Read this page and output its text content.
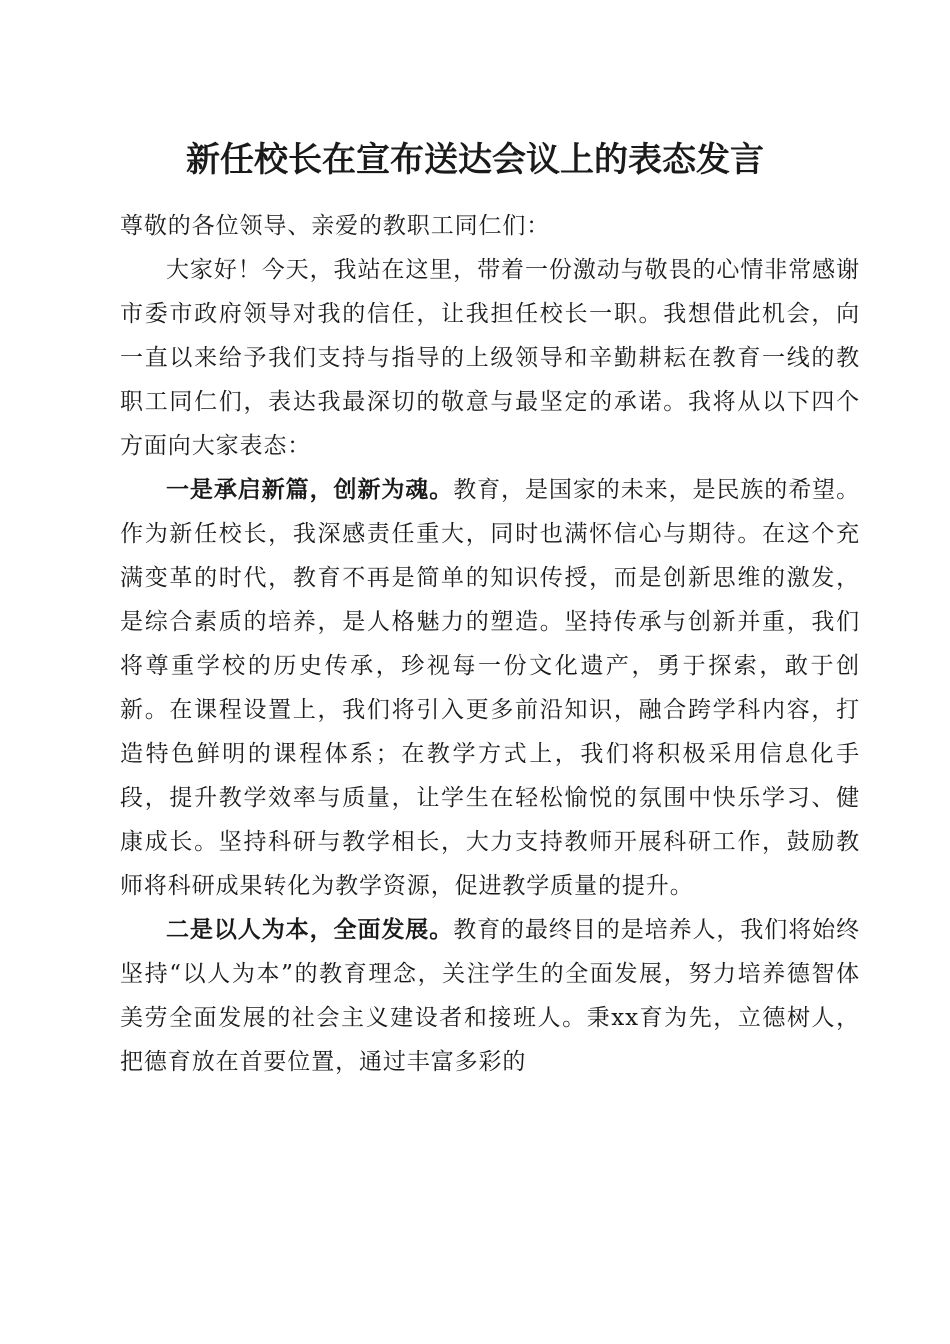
新任校长在宣布送达会议上的表态发言

尊敬的各位领导、亲爱的教职工同仁们：

大家好！今天，我站在这里，带着一份激动与敬畏的心情非常感谢市委市政府领导对我的信任，让我担任校长一职。我想借此机会，向一直以来给予我们支持与指导的上级领导和辛勤耕耘在教育一线的教职工同仁们，表达我最深切的敬意与最坚定的承诺。我将从以下四个方面向大家表态：

一是承启新篇，创新为魂。教育，是国家的未来，是民族的希望。作为新任校长，我深感责任重大，同时也满怀信心与期待。在这个充满变革的时代，教育不再是简单的知识传授，而是创新思维的激发，是综合素质的培养，是人格魅力的塑造。坚持传承与创新并重，我们将尊重学校的历史传承，珍视每一份文化遗产，勇于探索，敢于创新。在课程设置上，我们将引入更多前沿知识，融合跨学科内容，打造特色鲜明的课程体系；在教学方式上，我们将积极采用信息化手段，提升教学效率与质量，让学生在轻松愉悦的氛围中快乐学习、健康成长。坚持科研与教学相长，大力支持教师开展科研工作，鼓励教师将科研成果转化为教学资源，促进教学质量的提升。

二是以人为本，全面发展。教育的最终目的是培养人，我们将始终坚持“以人为本”的教育理念，关注学生的全面发展，努力培养德智体美劳全面发展的社会主义建设者和接班人。秉xx育为先，立德树人，把德育放在首要位置，通过丰富多彩的
